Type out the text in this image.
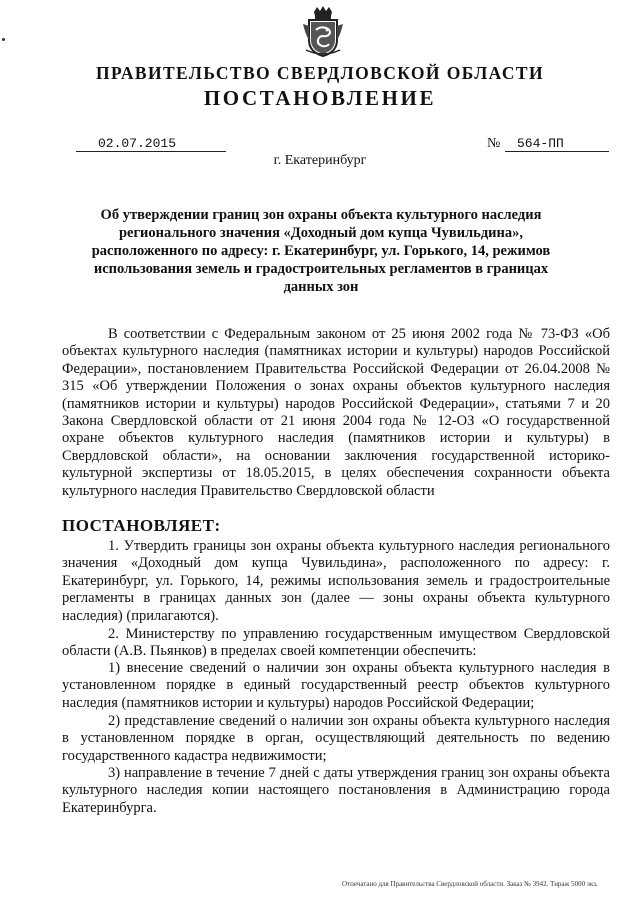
ПРАВИТЕЛЬСТВО СВЕРДЛОВСКОЙ ОБЛАСТИ
ПОСТАНОВЛЕНИЕ
02.07.2015	№	564-ПП
г. Екатеринбург
Об утверждении границ зон охраны объекта культурного наследия регионального значения «Доходный дом купца Чувильдина», расположенного по адресу: г. Екатеринбург, ул. Горького, 14, режимов использования земель и градостроительных регламентов в границах данных зон

В соответствии с Федеральным законом от 25 июня 2002 года № 73-ФЗ «Об объектах культурного наследия (памятниках истории и культуры) народов Российской Федерации», постановлением Правительства Российской Федерации от 26.04.2008 № 315 «Об утверждении Положения о зонах охраны объектов культурного наследия (памятников истории и культуры) народов Российской Федерации», статьями 7 и 20 Закона Свердловской области от 21 июня 2004 года № 12-ОЗ «О государственной охране объектов культурного наследия (памятников истории и культуры) в Свердловской области», на основании заключения государственной историко-культурной экспертизы от 18.05.2015, в целях обеспечения сохранности объекта культурного наследия Правительство Свердловской области

ПОСТАНОВЛЯЕТ:

1. Утвердить границы зон охраны объекта культурного наследия регионального значения «Доходный дом купца Чувильдина», расположенного по адресу: г. Екатеринбург, ул. Горького, 14, режимы использования земель и градостроительные регламенты в границах данных зон (далее — зоны охраны объекта культурного наследия) (прилагаются).

2. Министерству по управлению государственным имуществом Свердловской области (А.В. Пьянков) в пределах своей компетенции обеспечить:

1) внесение сведений о наличии зон охраны объекта культурного наследия в установленном порядке в единый государственный реестр объектов культурного наследия (памятников истории и культуры) народов Российской Федерации;

2) представление сведений о наличии зон охраны объекта культурного наследия в установленном порядке в орган, осуществляющий деятельность по ведению государственного кадастра недвижимости;

3) направление в течение 7 дней с даты утверждения границ зон охраны объекта культурного наследия копии настоящего постановления в Администрацию города Екатеринбурга.

Отпечатано для Правительства Свердловской области. Заказ № 3942. Тираж 5000 экз.
